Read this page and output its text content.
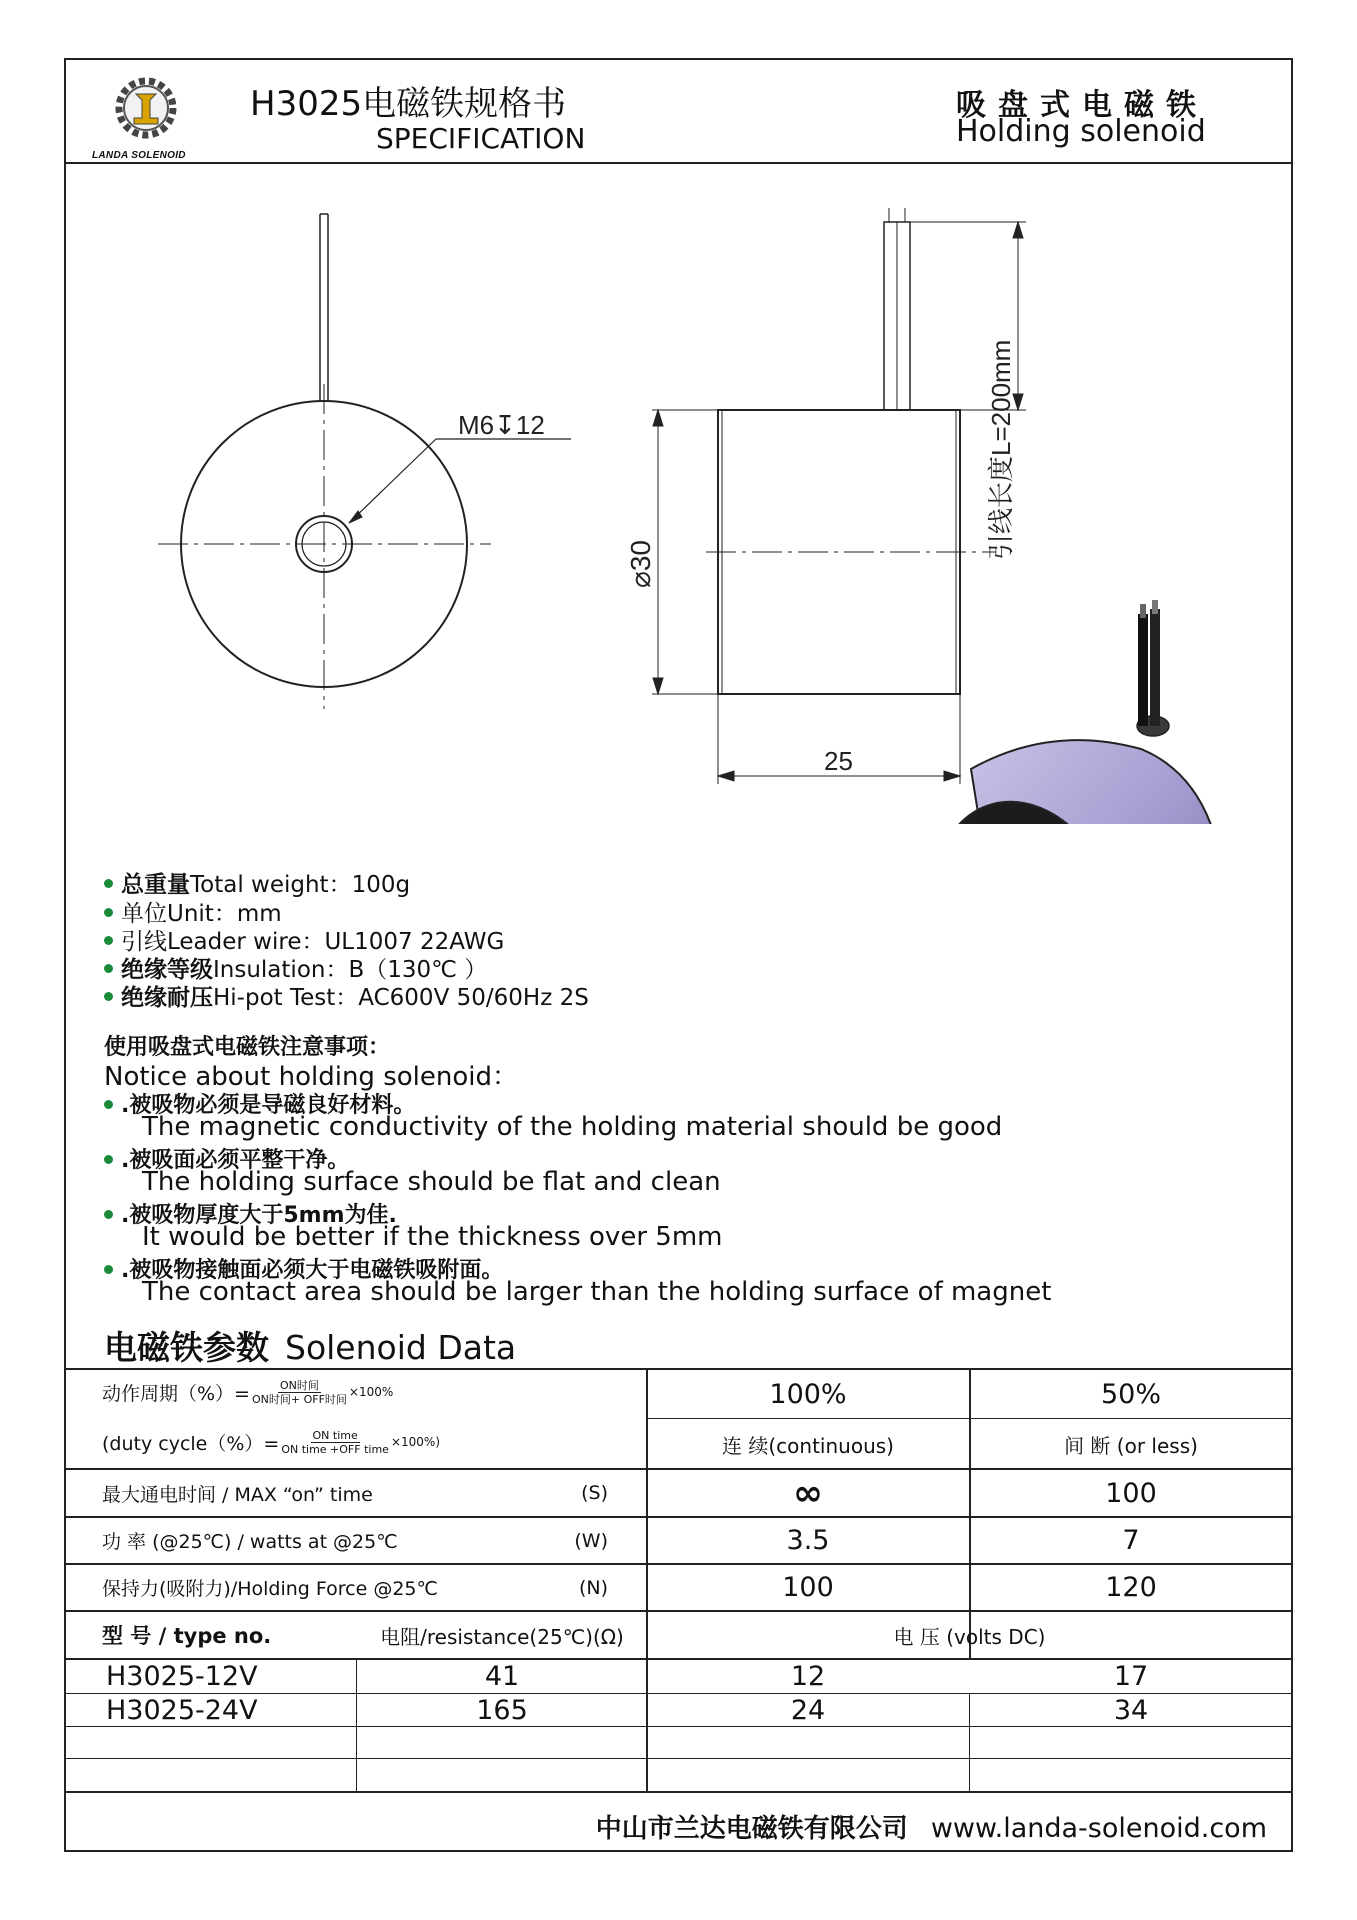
LANDA SOLENOID
H3025电磁铁规格书
SPECIFICATION
吸盘式电磁铁
Holding solenoid
M6↧12
⌀30
25
引线长度L=200mm
总重量Total weight：100g
单位Unit：mm
引线Leader wire：UL1007 22AWG
绝缘等级Insulation：B（130℃ ）
绝缘耐压Hi-pot Test：AC600V 50/60Hz 2S
使用吸盘式电磁铁注意事项：
Notice about holding solenoid：
.被吸物必须是导磁良好材料。
The magnetic conductivity of the holding material should be good
.被吸面必须平整干净。
The holding surface should be flat and clean
.被吸物厚度大于5mm为佳.
It would be better if the thickness over 5mm
.被吸物接触面必须大于电磁铁吸附面。
The contact area should be larger than the holding surface of magnet
电磁铁参数 Solenoid Data
动作周期（%）= $\frac{\text{ON时间}}{\text{ON时间+ OFF时间}} \times 100\%$
(duty cycle（%）= $\frac{\text{ON time}}{\text{ON time +OFF time}} \times 100\%$)
100%	50%
连 续(continuous)	间 断 (or less)
最大通电时间 / MAX “on” time	(S)	∞	100
功 率 (@25℃) / watts at @25℃	(W)	3.5	7
保持力(吸附力)/Holding Force @25℃	(N)	100	120
型 号 / type no.	电阻/resistance(25℃)(Ω)	电 压 (volts DC)
H3025-12V	41	12	17
H3025-24V	165	24	34
中山市兰达电磁铁有限公司 www.landa-solenoid.com
